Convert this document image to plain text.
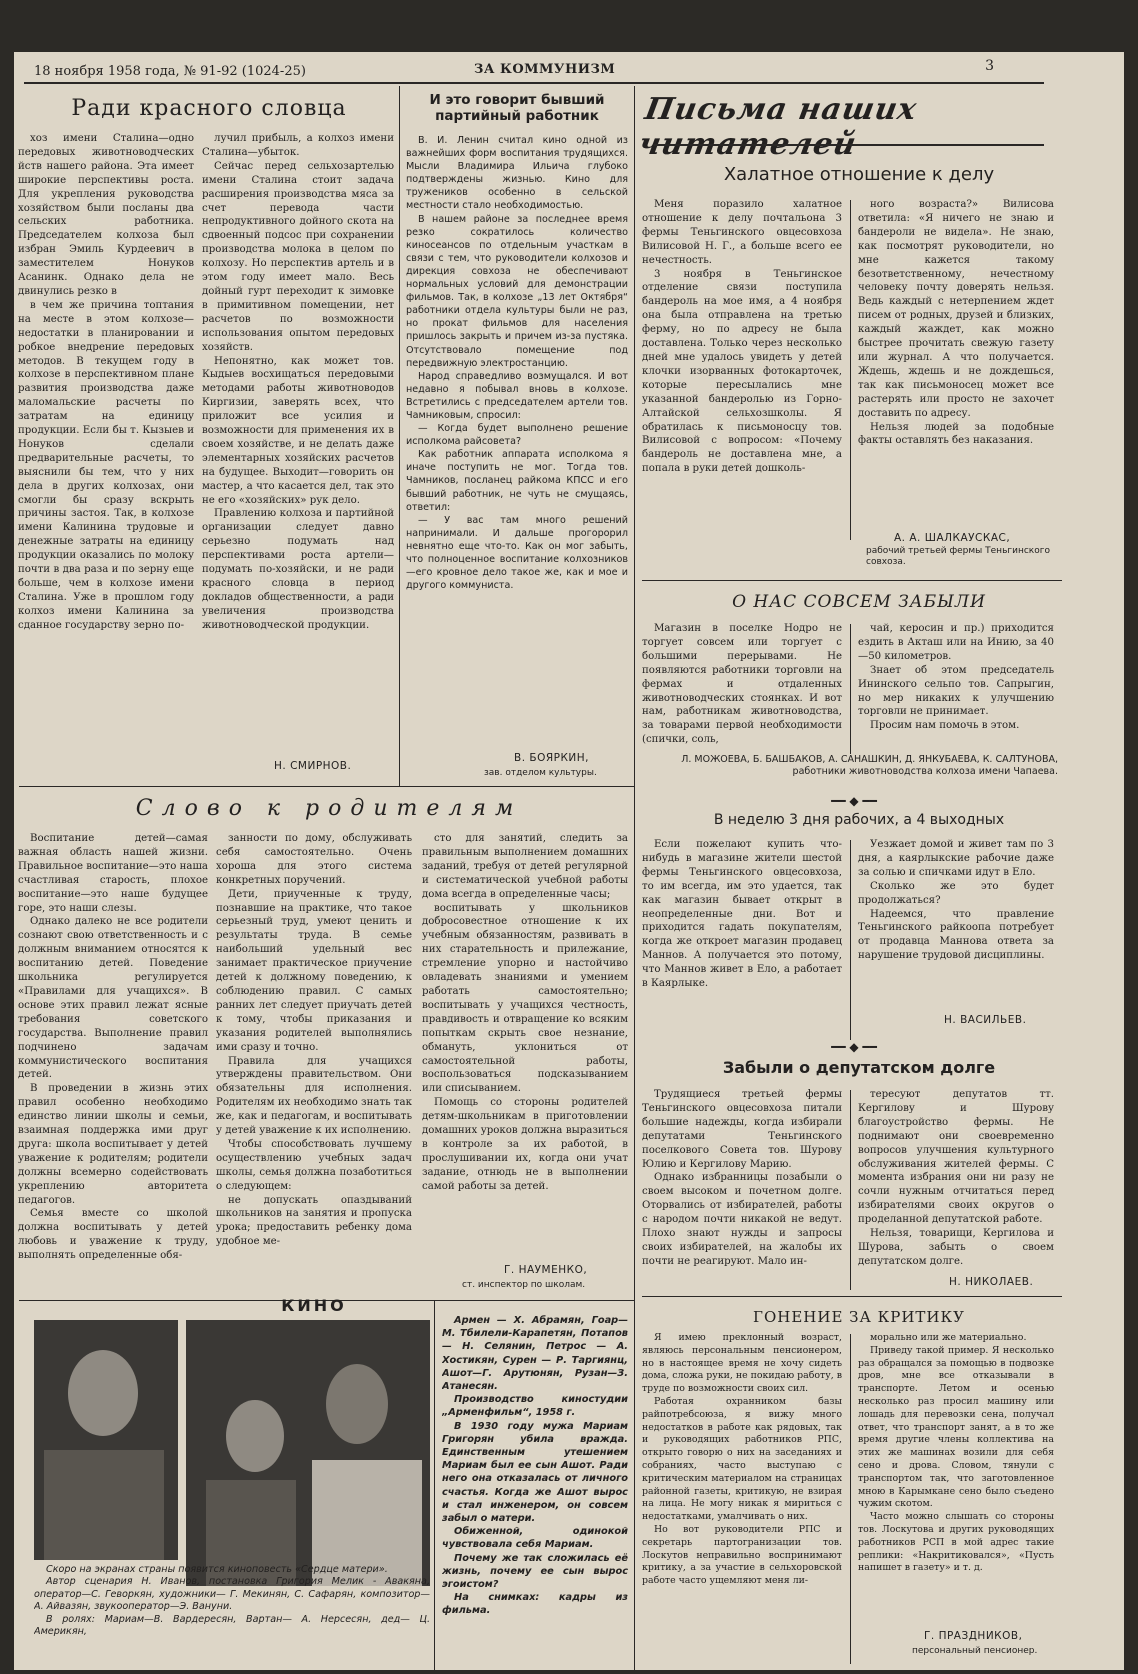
18 ноября 1958 года, № 91-92 (1024-25)	ЗА КОММУНИЗМ	3
Ради красного словца

хоз имени Сталина—одно передовых животноводческих йств нашего района. Эта имеет широкие перспективы роста. Для укрепления руководства хозяйством были посланы два сельских работника. Председателем колхоза был избран Эмиль Курдеевич в заместителем Нонуков Асанинк. Однако дела не двинулись резко в

в чем же причина топтания на месте в этом колхозе—недостатки в планировании и робкое внедрение передовых методов. В текущем году в колхозе в перспективном плане развития производства даже маломальские расчеты по затратам на единицу продукции. Если бы т. Кызыев и Нонуков сделали предварительные расчеты, то выяснили бы тем, что у них дела в других колхозах, они смогли бы сразу вскрыть причины застоя. Так, в колхозе имени Калинина трудовые и денежные затраты на единицу продукции оказались по молоку почти в два раза и по зерну еще больше, чем в колхозе имени Сталина. Уже в прошлом году колхоз имени Калинина за сданное государству зерно по-

лучил прибыль, а колхоз имени Сталина—убыток.

Сейчас перед сельхозартелью имени Сталина стоит задача расширения производства мяса за счет перевода части непродуктивного дойного скота на сдвоенный подсос при сохранении производства молока в целом по колхозу. Но перспектив артель и в этом году имеет мало. Весь дойный гурт переходит к зимовке в примитивном помещении, нет расчетов по возможности использования опытом передовых хозяйств.

Непонятно, как может тов. Кыдыев восхищаться передовыми методами работы животноводов Киргизии, заверять всех, что приложит все усилия и возможности для применения их в своем хозяйстве, и не делать даже элементарных хозяйских расчетов на будущее. Выходит—говорить он мастер, а что касается дел, так это не его «хозяйских» рук дело.

Правлению колхоза и партийной организации следует давно серьезно подумать над перспективами роста артели—подумать по-хозяйски, и не ради красного словца в период докладов общественности, а ради увеличения производства животноводческой продукции.

Н. СМИРНОВ.
И это говорит бывший партийный работник

В. И. Ленин считал кино одной из важнейших форм воспитания трудящихся. Мысли Владимира Ильича глубоко подтверждены жизнью. Кино для тружеников особенно в сельской местности стало необходимостью.

В нашем районе за последнее время резко сократилось количество киносеансов по отдельным участкам в связи с тем, что руководители колхозов и дирекция совхоза не обеспечивают нормальных условий для демонстрации фильмов. Так, в колхозе „13 лет Октября“ работники отдела культуры были не раз, но прокат фильмов для населения пришлось закрыть и причем из-за пустяка. Отсутствовало помещение под передвижную электростанцию.

Народ справедливо возмущался. И вот недавно я побывал вновь в колхозе. Встретились с председателем артели тов. Чамниковым, спросил:

— Когда будет выполнено решение исполкома райсовета?

Как работник аппарата исполкома я иначе поступить не мог. Тогда тов. Чамников, посланец райкома КПСС и его бывший работник, не чуть не смущаясь, ответил:

— У вас там много решений напринимали. И дальше прогорорил невнятно еще что-то. Как он мог забыть, что полноценное воспитание колхозников—его кровное дело такое же, как и мое и другого коммуниста.

В. БОЯРКИН,
зав. отделом культуры.
Письма наших читателей
Халатное отношение к делу

Меня поразило халатное отношение к делу почтальона 3 фермы Теньгинского овцесовхоза Вилисовой Н. Г., а больше всего ее нечестность.

3 ноября в Теньгинское отделение связи поступила бандероль на мое имя, а 4 ноября она была отправлена на третью ферму, но по адресу не была доставлена. Только через несколько дней мне удалось увидеть у детей клочки изорванных фотокарточек, которые пересылались мне указанной бандеролью из Горно-Алтайской сельхозшколы. Я обратилась к письмоносцу тов. Вилисовой с вопросом: «Почему бандероль не доставлена мне, а попала в руки детей дошколь-

ного возраста?» Вилисова ответила: «Я ничего не знаю и бандероли не видела». Не знаю, как посмотрят руководители, но мне кажется такому безответственному, нечестному человеку почту доверять нельзя. Ведь каждый с нетерпением ждет писем от родных, друзей и близких, каждый жаждет, как можно быстрее прочитать свежую газету или журнал. А что получается. Ждешь, ждешь и не дождешься, так как письмоносец может все растерять или просто не захочет доставить по адресу.

Нельзя людей за подобные факты оставлять без наказания.

А. А. ШАЛКАУСКАС,
рабочий третьей фермы Теньгинского совхоза.
О НАС СОВСЕМ ЗАБЫЛИ

Магазин в поселке Нодро не торгует совсем или торгует с большими перерывами. Не появляются работники торговли на фермах и отдаленных животноводческих стоянках. И вот нам, работникам животноводства, за товарами первой необходимости (спички, соль,

чай, керосин и пр.) приходится ездить в Акташ или на Инию, за 40—50 километров.

Знает об этом председатель Ининского сельпо тов. Сапрыгин, но мер никаких к улучшению торговли не принимает.

Просим нам помочь в этом.

Л. МОЖОЕВА, Б. БАШБАКОВ, А. САНАШКИН, Д. ЯНКУБАЕВА, К. САЛТУНОВА, работники животноводства колхоза имени Чапаева.
━━ ◆ ━━
Слово к родителям

Воспитание детей—самая важная область нашей жизни. Правильное воспитание—это наша счастливая старость, плохое воспитание—это наше будущее горе, это наши слезы.

Однако далеко не все родители сознают свою ответственность и с должным вниманием относятся к воспитанию детей. Поведение школьника регулируется «Правилами для учащихся». В основе этих правил лежат ясные требования советского государства. Выполнение правил подчинено задачам коммунистического воспитания детей.

В проведении в жизнь этих правил особенно необходимо единство линии школы и семьи, взаимная поддержка ими друг друга: школа воспитывает у детей уважение к родителям; родители должны всемерно содействовать укреплению авторитета педагогов.

Семья вместе со школой должна воспитывать у детей любовь и уважение к труду, выполнять определенные обя-

занности по дому, обслуживать себя самостоятельно. Очень хороша для этого система конкретных поручений.

Дети, приученные к труду, познавшие на практике, что такое серьезный труд, умеют ценить и результаты труда. В семье наибольший удельный вес занимает практическое приучение детей к должному поведению, к соблюдению правил. С самых ранних лет следует приучать детей к тому, чтобы приказания и указания родителей выполнялись ими сразу и точно.

Правила для учащихся утверждены правительством. Они обязательны для исполнения. Родителям их необходимо знать так же, как и педагогам, и воспитывать у детей уважение к их исполнению.

Чтобы способствовать лучшему осуществлению учебных задач школы, семья должна позаботиться о следующем:

не допускать опаздываний школьников на занятия и пропуска урока; предоставить ребенку дома удобное ме-

сто для занятий, следить за правильным выполнением домашних заданий, требуя от детей регулярной и систематической учебной работы дома всегда в определенные часы;

воспитывать у школьников добросовестное отношение к их учебным обязанностям, развивать в них старательность и прилежание, стремление упорно и настойчиво овладевать знаниями и умением работать самостоятельно; воспитывать у учащихся честность, правдивость и отвращение ко всяким попыткам скрыть свое незнание, обмануть, уклониться от самостоятельной работы, воспользоваться подсказыванием или списыванием.

Помощь со стороны родителей детям-школьникам в приготовлении домашних уроков должна выразиться в контроле за их работой, в прослушивании их, когда они учат задание, отнюдь не в выполнении самой работы за детей.

Г. НАУМЕНКО,
ст. инспектор по школам.
В неделю 3 дня рабочих, а 4 выходных

Если пожелают купить что-нибудь в магазине жители шестой фермы Теньгинского овцесовхоза, то им всегда, им это удается, так как магазин бывает открыт в неопределенные дни. Вот и приходится гадать покупателям, когда же откроет магазин продавец Маннов. А получается это потому, что Маннов живет в Ело, а работает в Каярлыке.

Уезжает домой и живет там по 3 дня, а каярлыкские рабочие даже за солью и спичками идут в Ело.

Сколько же это будет продолжаться?

Надеемся, что правление Теньгинского райкоопа потребует от продавца Маннова ответа за нарушение трудовой дисциплины.

Н. ВАСИЛЬЕВ.
━━ ◆ ━━
Забыли о депутатском долге

Трудящиеся третьей фермы Теньгинского овцесовхоза питали большие надежды, когда избирали депутатами Теньгинского поселкового Совета тов. Шурову Юлию и Кергилову Марию.

Однако избранницы позабыли о своем высоком и почетном долге. Оторвались от избирателей, работы с народом почти никакой не ведут. Плохо знают нужды и запросы своих избирателей, на жалобы их почти не реагируют. Мало ин-

тересуют депутатов тт. Кергилову и Шурову благоустройство фермы. Не поднимают они своевременно вопросов улучшения культурного обслуживания жителей фермы. С момента избрания они ни разу не сочли нужным отчитаться перед избирателями своих округов о проделанной депутатской работе.

Нельзя, товарищи, Кергилова и Шурова, забыть о своем депутатском долге.

Н. НИКОЛАЕВ.
КИНО

Скоро на экранах страны появится киноповесть «Сердце матери».

Автор сценария Н. Иванов, постановка Григория Мелик - Авакяна, оператор—С. Геворкян, художники— Г. Мекинян, С. Сафарян, композитор—А. Айвазян, звукооператор—Э. Вануни.

В ролях: Мариам—В. Вардересян, Вартан— А. Нерсесян, дед— Ц. Америкян,

Армен — Х. Абрамян, Гоар— М. Тбилели-Карапетян, Потапов — Н. Селянин, Петрос — А. Хостикян, Сурен — Р. Таргиянц, Ашот—Г. Арутюнян, Рузан—З. Атанесян.

Производство киностудии „Арменфильм“, 1958 г.

В 1930 году мужа Мариам Григорян убила вражда. Единственным утешением Мариам был ее сын Ашот. Ради него она отказалась от личного счастья. Когда же Ашот вырос и стал инженером, он совсем забыл о матери.

Обиженной, одинокой чувствовала себя Мариам.

Почему же так сложилась её жизнь, почему ее сын вырос эгоистом?

На снимках: кадры из фильма.

ГОНЕНИЕ ЗА КРИТИКУ

Я имею преклонный возраст, являюсь персональным пенсионером, но в настоящее время не хочу сидеть дома, сложа руки, не покидаю работу, в труде по возможности своих сил.

Работая охранником базы райпотребсоюза, я вижу много недостатков в работе как рядовых, так и руководящих работников РПС, открыто говорю о них на заседаниях и собраниях, часто выступаю с критическим материалом на страницах районной газеты, критикую, не взирая на лица. Не могу никак я мириться с недостатками, умалчивать о них.

Но вот руководители РПС и секретарь партогранизации тов. Лоскутов неправильно воспринимают критику, а за участие в сельхоровской работе часто ущемляют меня ли-

морально или же материально.

Приведу такой пример. Я несколько раз обращался за помощью в подвозке дров, мне все отказывали в транспорте. Летом и осенью несколько раз просил машину или лошадь для перевозки сена, получал ответ, что транспорт занят, а в то же время другие члены коллектива на этих же машинах возили для себя сено и дрова. Словом, тянули с транспортом так, что заготовленное мною в Карымкане сено было съедено чужим скотом.

Часто можно слышать со стороны тов. Лоскутова и других руководящих работников РСП в мой адрес такие реплики: «Накритиковался», «Пусть напишет в газету» и т. д.

Г. ПРАЗДНИКОВ,
персональный пенсионер.
